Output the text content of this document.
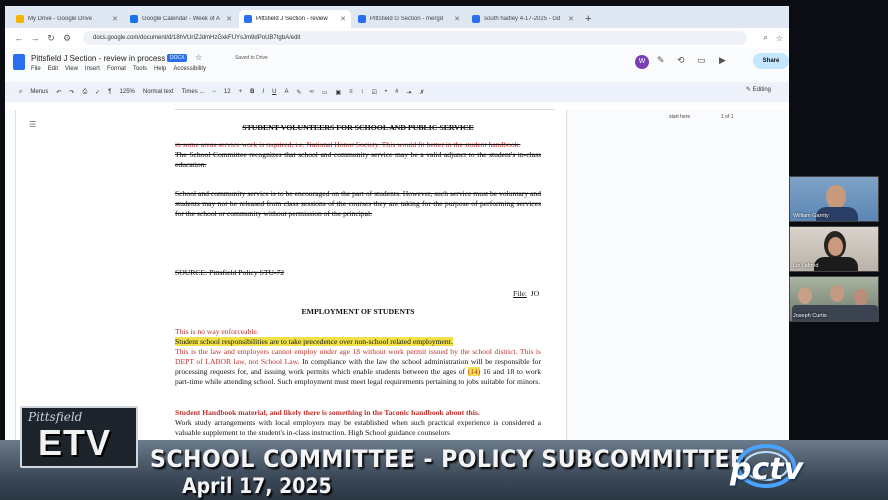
My Drive - Google Drive	✕	Google Calendar - Week of A ✕	Pittsfield J Section - review	✕	Pittsfield G Section - mergd	✕	south hadley 4-17-2025 - Gd	✕ +
← → ↻ ⚙	docs.google.com/document/d/18hVUrIZJdmHzGxkFUYsJm9dPoUB7tgbA/edit	⌕ ☆
Pittsfield J Section - review in process DOCX	☆	Saved to Drive
File Edit View Insert Format Tools Help Accessibility
W	✎ ⟲ ▭ ▶	Share
⌕ Menus ↶ ↷ ⎙ ✓ ¶ 125% Normal text Times ... − 12 + B I U A ✎ ∞ ▭ ▣ ≡ ↕ ☑ • # ⇥ ✗	✎ Editing
☰
start here	1 of 1
STUDENT VOLUNTEERS FOR SCHOOL AND PUBLIC SERVICE
in some areas service work is required, i.e. National Honor Society. This would fit better in the student handbook.
The School Committee recognizes that school and community service may be a valid adjunct to the student's in-class education.
School and community service is to be encouraged on the part of students. However, such service must be voluntary and students may not be released from class sessions of the courses they are taking for the purpose of performing services for the school or community without permission of the principal.
SOURCE: Pittsfield Policy STU-72
File: JO
EMPLOYMENT OF STUDENTS
This is no way enforceable.
Student school responsibilities are to take precedence over non-school related employment.
This is the law and employers cannot employ under age 18 without work permit issued by the school district. This is DEPT of LABOR law, not School Law. In compliance with the law the school administration will be responsible for processing requests for, and issuing work permits which enable students between the ages of (14) 16 and 18 to work part-time while attending school. Such employment must meet legal requirements pertaining to jobs suitable for minors.
Student Handbook material, and likely there is something in the Taconic handbook about this.
Work study arrangements with local employers may be established when such practical experience is considered a valuable supplement to the student's in-class instruction. High School guidance counselors
William Garrity
Liz Lafond
Joseph Curtis
Pittsfield
ETV SCHOOL COMMITTEE - POLICY SUBCOMMITTEE
April 17, 2025	pctv
